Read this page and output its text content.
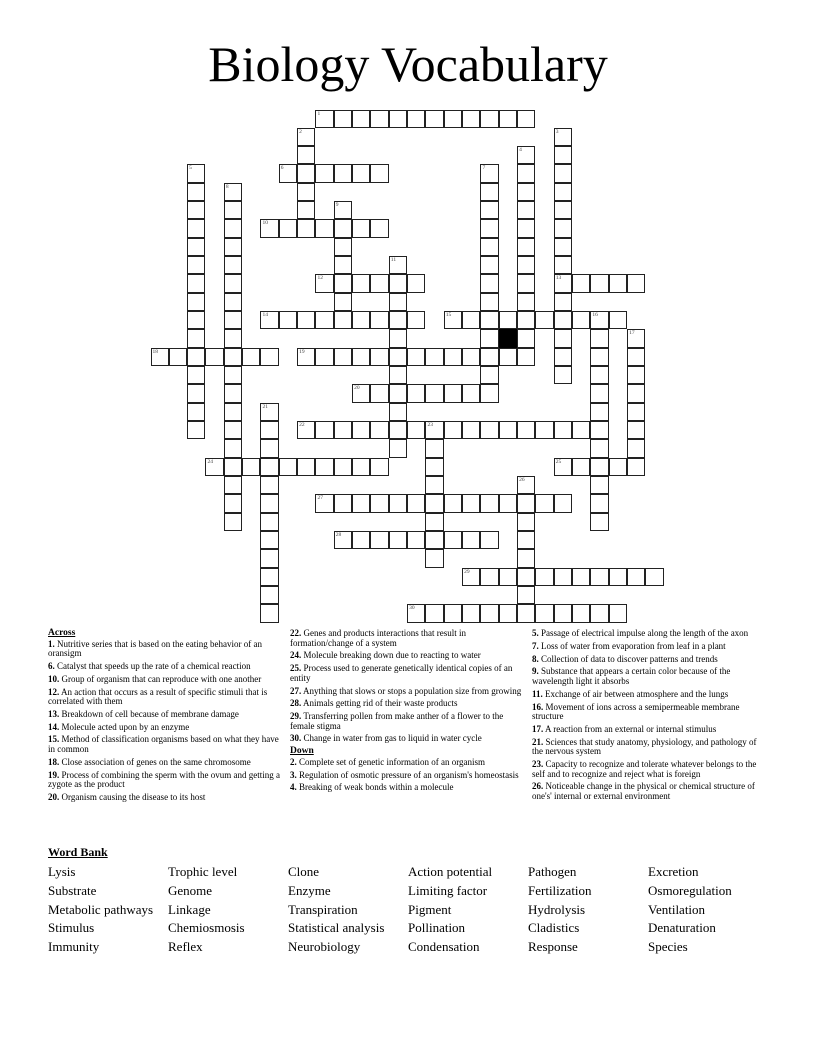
Biology Vocabulary
1
2	3
13
4
5	6	7
8
9
10
11
12
14	15	16
17
18	19
20
21
22	23
24	25
26
27
28
29
30
Across
1. Nutritive series that is based on the eating behavior of an oransigm
6. Catalyst that speeds up the rate of a chemical reaction
10. Group of organism that can reproduce with one another
12. An action that occurs as a result of specific stimuli that is correlated with them
13. Breakdown of cell because of membrane damage
14. Molecule acted upon by an enzyme
15. Method of classification organisms based on what they have in common
18. Close association of genes on the same chromosome
19. Process of combining the sperm with the ovum and getting a zygote as the product
20. Organism causing the disease to its host
22. Genes and products interactions that result in formation/change of a system
24. Molecule breaking down due to reacting to water
25. Process used to generate genetically identical copies of an entity
27. Anything that slows or stops a population size from growing
28. Animals getting rid of their waste products
29. Transferring pollen from make anther of a flower to the female stigma
30. Change in water from gas to liquid in water cycle
Down
2. Complete set of genetic information of an organism
3. Regulation of osmotic pressure of an organism's homeostasis
4. Breaking of weak bonds within a molecule
5. Passage of electrical impulse along the length of the axon
7. Loss of water from evaporation from leaf in a plant
8. Collection of data to discover patterns and trends
9. Substance that appears a certain color because of the wavelength light it absorbs
11. Exchange of air between atmosphere and the lungs
16. Movement of ions across a semipermeable membrane structure
17. A reaction from an external or internal stimulus
21. Sciences that study anatomy, physiology, and pathology of the nervous system
23. Capacity to recognize and tolerate whatever belongs to the self and to recognize and reject what is foreign
26. Noticeable change in the physical or chemical structure of one's' internal or external environment
Word Bank
Lysis	Trophic level	Clone	Action potential	Pathogen	Excretion
Substrate	Genome	Enzyme	Limiting factor	Fertilization	Osmoregulation
Metabolic pathways	Linkage	Transpiration	Pigment	Hydrolysis	Ventilation
Stimulus	Chemiosmosis	Statistical analysis	Pollination	Cladistics	Denaturation
Immunity	Reflex	Neurobiology	Condensation	Response	Species
